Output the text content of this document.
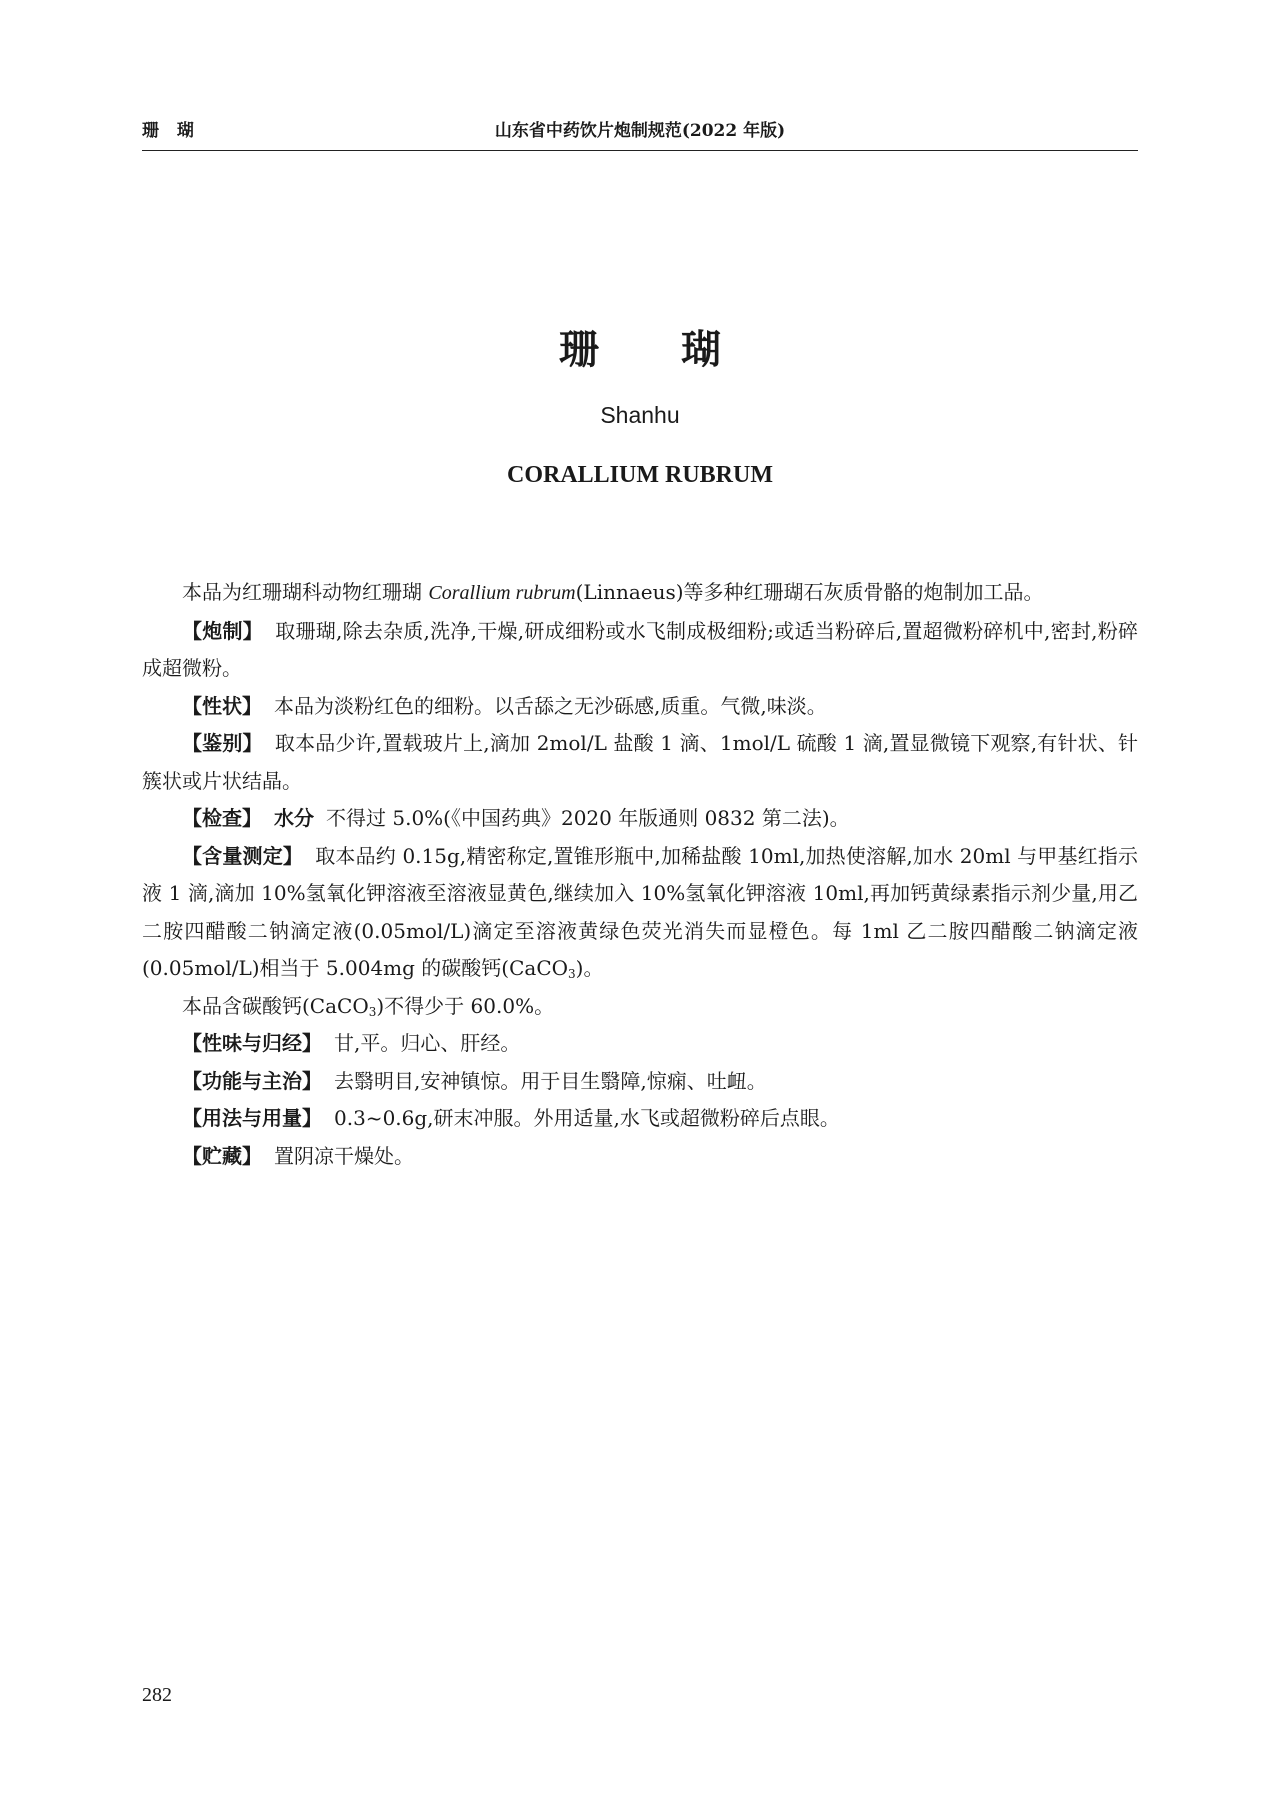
珊 瑚	山东省中药饮片炮制规范(2022 年版)
珊 瑚
Shanhu
CORALLIUM RUBRUM

本品为红珊瑚科动物红珊瑚 Corallium rubrum(Linnaeus)等多种红珊瑚石灰质骨骼的炮制加工品。

【炮制】 取珊瑚,除去杂质,洗净,干燥,研成细粉或水飞制成极细粉;或适当粉碎后,置超微粉碎机中,密封,粉碎成超微粉。

【性状】 本品为淡粉红色的细粉。以舌舔之无沙砾感,质重。气微,味淡。

【鉴别】 取本品少许,置载玻片上,滴加 2mol/L 盐酸 1 滴、1mol/L 硫酸 1 滴,置显微镜下观察,有针状、针簇状或片状结晶。

【检查】 水分 不得过 5.0%(《中国药典》2020 年版通则 0832 第二法)。

【含量测定】 取本品约 0.15g,精密称定,置锥形瓶中,加稀盐酸 10ml,加热使溶解,加水 20ml 与甲基红指示液 1 滴,滴加 10%氢氧化钾溶液至溶液显黄色,继续加入 10%氢氧化钾溶液 10ml,再加钙黄绿素指示剂少量,用乙二胺四醋酸二钠滴定液(0.05mol/L)滴定至溶液黄绿色荧光消失而显橙色。每 1ml 乙二胺四醋酸二钠滴定液(0.05mol/L)相当于 5.004mg 的碳酸钙(CaCO$_3$)。

本品含碳酸钙(CaCO$_3$)不得少于 60.0%。

【性味与归经】 甘,平。归心、肝经。

【功能与主治】 去翳明目,安神镇惊。用于目生翳障,惊痫、吐衄。

【用法与用量】 0.3~0.6g,研末冲服。外用适量,水飞或超微粉碎后点眼。

【贮藏】 置阴凉干燥处。

282
